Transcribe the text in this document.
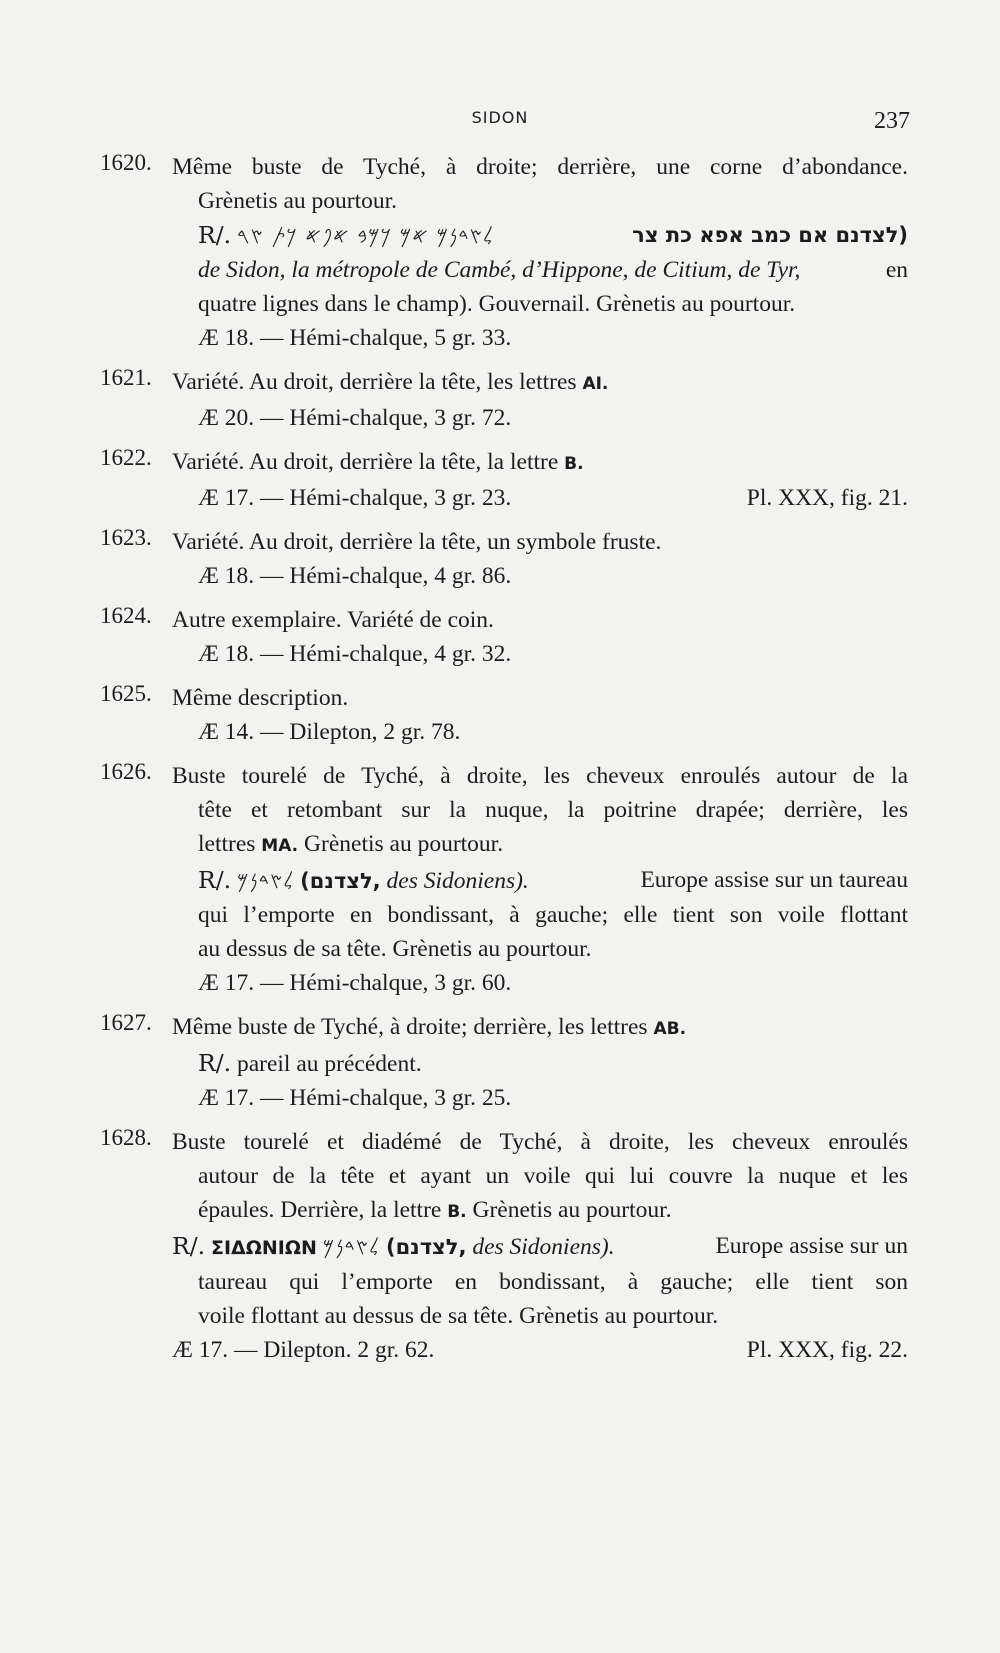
SIDON	237
1620. Même buste de Tyché, à droite; derrière, une corne d’abondance.
Grènetis au pourtour.
R/. 𐤋𐤑𐤃𐤍𐤌 𐤀𐤌 𐤊𐤌𐤁 𐤀𐤐𐤀 𐤊𐤕 𐤑𐤓	(לצדנם אם כמב אפא כת צר
de Sidon, la métropole de Cambé, d’Hippone, de Citium, de Tyr,	en
quatre lignes dans le champ). Gouvernail. Grènetis au pourtour.
Æ 18. — Hémi-chalque, 5 gr. 33.
1621. Variété. Au droit, derrière la tête, les lettres AI.
Æ 20. — Hémi-chalque, 3 gr. 72.
1622. Variété. Au droit, derrière la tête, la lettre B.
Æ 17. — Hémi-chalque, 3 gr. 23.	Pl. XXX, fig. 21.
1623. Variété. Au droit, derrière la tête, un symbole fruste.
Æ 18. — Hémi-chalque, 4 gr. 86.
1624. Autre exemplaire. Variété de coin.
Æ 18. — Hémi-chalque, 4 gr. 32.
1625. Même description.
Æ 14. — Dilepton, 2 gr. 78.
1626. Buste tourelé de Tyché, à droite, les cheveux enroulés autour de la
tête et retombant sur la nuque, la poitrine drapée; derrière, les
lettres MA. Grènetis au pourtour.
R/. 𐤋𐤑𐤃𐤍𐤌 (לצדנם, des Sidoniens).	Europe assise sur un taureau
qui l’emporte en bondissant, à gauche; elle tient son voile flottant
au dessus de sa tête. Grènetis au pourtour.
Æ 17. — Hémi-chalque, 3 gr. 60.
1627. Même buste de Tyché, à droite; derrière, les lettres AB.
R/. pareil au précédent.
Æ 17. — Hémi-chalque, 3 gr. 25.
1628. Buste tourelé et diadémé de Tyché, à droite, les cheveux enroulés
autour de la tête et ayant un voile qui lui couvre la nuque et les
épaules. Derrière, la lettre B. Grènetis au pourtour.
R/. ΣΙΔΩΝΙΩΝ 𐤋𐤑𐤃𐤍𐤌 (לצדנם, des Sidoniens).	Europe assise sur un
taureau qui l’emporte en bondissant, à gauche; elle tient son
voile flottant au dessus de sa tête. Grènetis au pourtour.
Æ 17. — Dilepton. 2 gr. 62.	Pl. XXX, fig. 22.
